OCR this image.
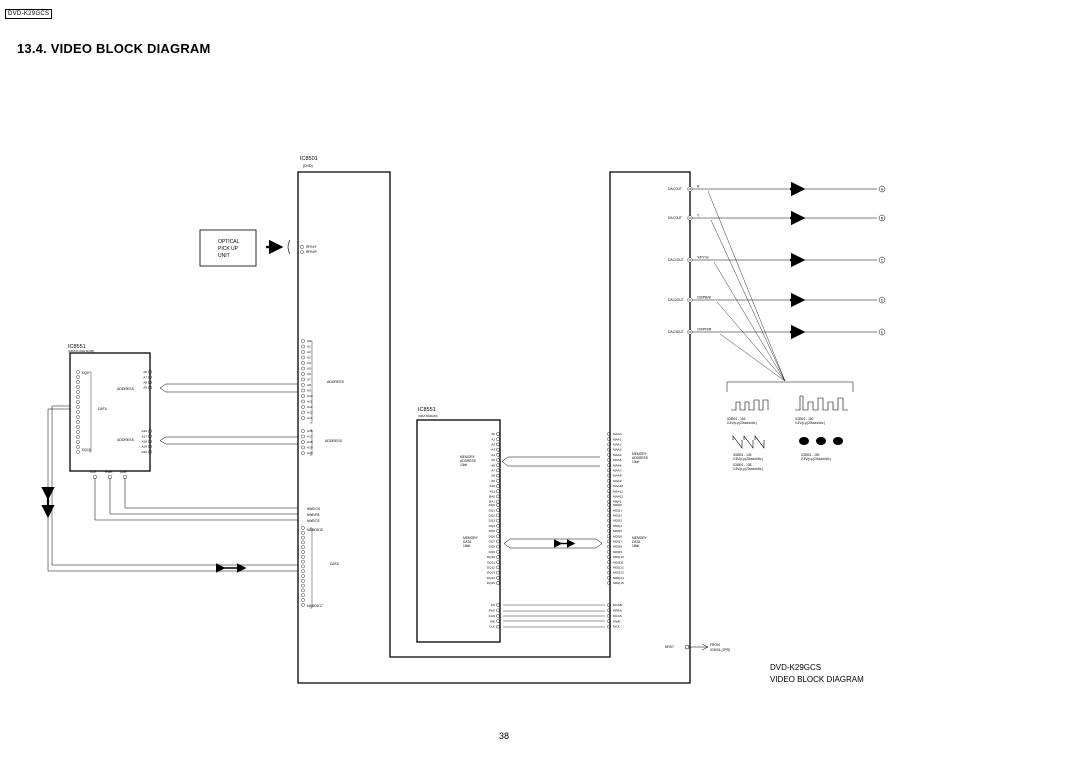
DVD-K29GCS
13.4. VIDEO BLOCK DIAGRAM
IC8501
(DVD)
OPTICAL
PICK UP
UNIT
RFIN/Y
RFIN/P
IC8551
(16M FLASH ROM)
DQ0
DQ15
DATA
ADDRESS
ADDRESS
#CE	RWE #OE
A6
A7
A8
A9
A16
A17
A18
A19
A20
A0
A1
A2
A3
A4
A5
A6
A7
A8
A9
A10
A11
A12
A13
A14
A16
A17
A18
A19
A20
ADDRESS
ADDRESS
NWE/CN
NWE/RE
NWE/CE
MAMOD15
MAMOD17
DATA
IC8551
(64M SDRAM)
MEMORY
ADDRESS
13bit
MEMORY
DATA
16bit
A0
A1
A2
A3
A4
A5
A6
A7
A8
A9
A10
A11
BA0
BA1
DQ0
DQ1
DQ2
DQ3
DQ4
DQ5
DQ6
DQ7
DQ8
DQ9
DQ10
DQ11
DQ12
DQ13
DQ14
DQ15
CS
RAS
CAS
WE
CLK
MAA0
MAA1
MAA2
MAA3
MAA4
MAA5
MAA6
MAA7
MAA8
MAA9
MAA10
MAA11
MAA12
MBA1
MDQ0
MDQ1
MDQ2
MDQ3
MDQ4
MDQ5
MDQ6
MDQ7
MDQ8
MDQ9
MDQ10
MDQ11
MDQ12
MDQ13
MDQ14
MDQ15
MCSB
MRAS
MCAS
MWE
MCK
MEMORY
ADDRESS
13bit
MEMORY
DATA
16bit
DACOUT	28
R
A
DACOUT	30
Y
B
DAC1OUT 32
Y/PY/G
C
DAC2OUT 27
CB/PB/B
D
DAC3OUT 29
CR/PR/R
E
IC8501 - 163
0.4V/p-p(20usec/div.)
IC8501 - 150
0.4V/p-p(20usec/div.)
IC8501 - 145
0.5V/p-p(20usec/div.)
IC8501 - 153
0.5V/p-p(20usec/div.)
IC8501 - 138
0.5V/p-p(20usec/div.)
NRST	FROM
IC8001 (2PR)
DVD-K29GCS
VIDEO BLOCK DIAGRAM
38
